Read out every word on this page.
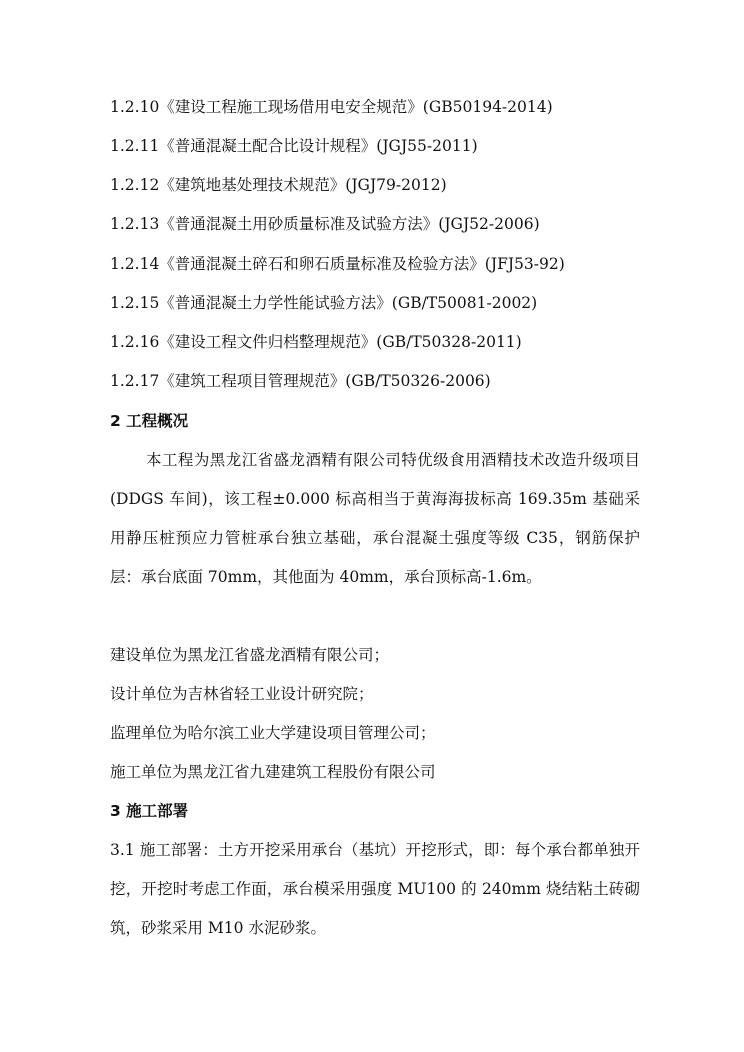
1.2.10《建设工程施工现场借用电安全规范》(GB50194-2014)
1.2.11《普通混凝土配合比设计规程》(JGJ55-2011)
1.2.12《建筑地基处理技术规范》(JGJ79-2012)
1.2.13《普通混凝土用砂质量标准及试验方法》(JGJ52-2006)
1.2.14《普通混凝土碎石和卵石质量标准及检验方法》(JFJ53-92)
1.2.15《普通混凝土力学性能试验方法》(GB/T50081-2002)
1.2.16《建设工程文件归档整理规范》(GB/T50328-2011)
1.2.17《建筑工程项目管理规范》(GB/T50326-2006)
2 工程概况
本工程为黑龙江省盛龙酒精有限公司特优级食用酒精技术改造升级项目(DDGS 车间)，该工程±0.000 标高相当于黄海海拔标高 169.35m 基础采用静压桩预应力管桩承台独立基础，承台混凝土强度等级 C35，钢筋保护层：承台底面 70mm，其他面为 40mm，承台顶标高-1.6m。
建设单位为黑龙江省盛龙酒精有限公司；
设计单位为吉林省轻工业设计研究院；
监理单位为哈尔滨工业大学建设项目管理公司；
施工单位为黑龙江省九建建筑工程股份有限公司
3 施工部署
3.1 施工部署：土方开挖采用承台（基坑）开挖形式，即：每个承台都单独开挖，开挖时考虑工作面，承台模采用强度 MU100 的 240mm 烧结粘土砖砌筑，砂浆采用 M10 水泥砂浆。
